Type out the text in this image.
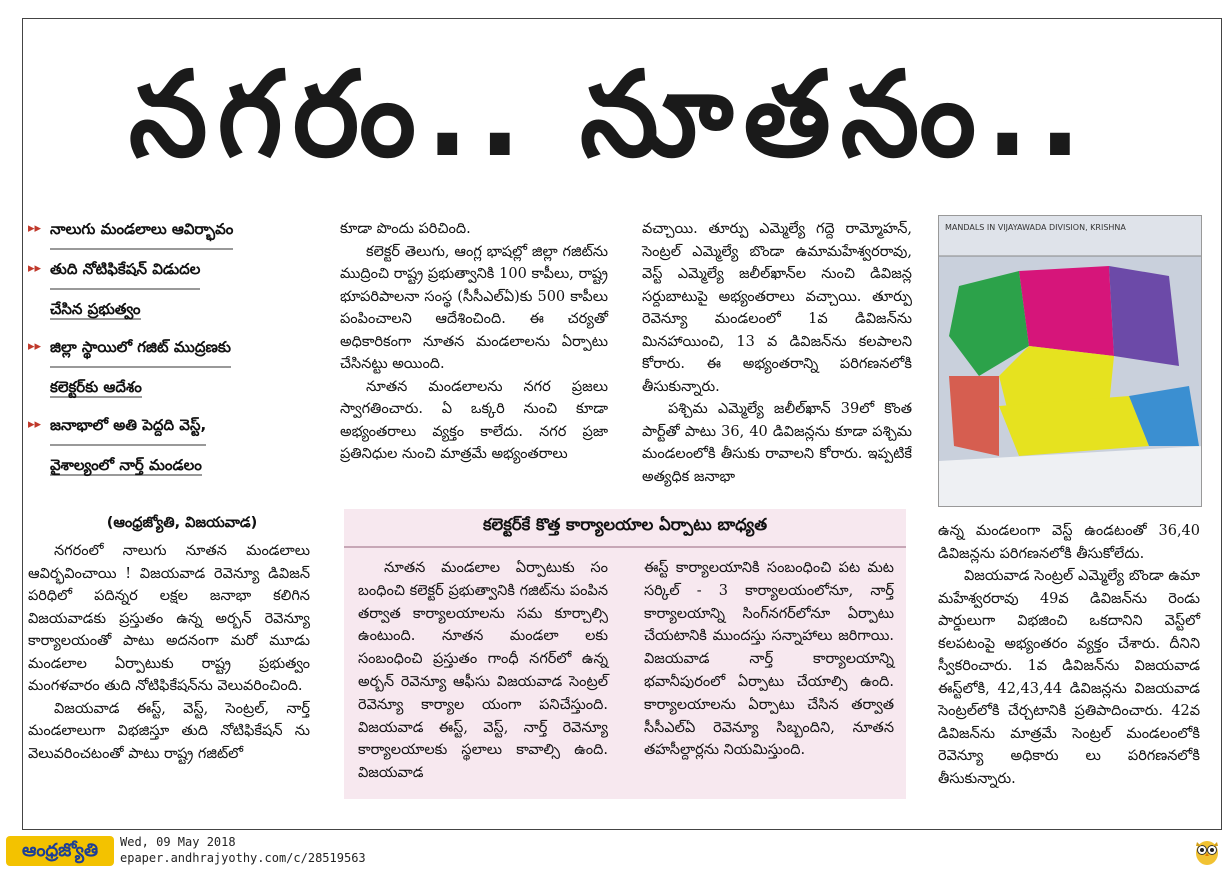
నగరం.. నూతనం..
▸▸ నాలుగు మండలాలు ఆవిర్భావం
▸▸ తుది నోటిఫికేషన్‌ విడుదల
చేసిన ప్రభుత్వం
▸▸ జిల్లా స్థాయిలో గజిట్‌ ముద్రణకు
కలెక్టర్‌కు ఆదేశం
▸▸ జనాభాలో అతి పెద్దది వెస్ట్‌,
వైశాల్యంలో నార్త్‌ మండలం
(ఆంధ్రజ్యోతి, విజయవాడ)

నగరంలో నాలుగు నూతన మండలాలు ఆవిర్భవించాయి ! విజయవాడ రెవెన్యూ డివిజన్‌ పరిధిలో పదిన్నర లక్షల జనాభా కలిగిన విజయవాడకు ప్రస్తుతం ఉన్న అర్బన్‌ రెవెన్యూ కార్యాలయంతో పాటు అదనంగా మరో మూడు మండలాల ఏర్పాటుకు రాష్ట్ర ప్రభుత్వం మంగళవారం తుది నోటిఫికేషన్‌ను వెలువరించింది.

విజయవాడ ఈస్ట్‌, వెస్ట్‌, సెంట్రల్‌, నార్త్‌ మండలాలుగా విభజిస్తూ తుది నోటిఫికేషన్‌ ను వెలువరించటంతో పాటు రాష్ట్ర గజిట్‌లో

కూడా పొందు పరిచింది.

కలెక్టర్‌ తెలుగు, ఆంగ్ల భాషల్లో జిల్లా గజిట్‌ను ముద్రించి రాష్ట్ర ప్రభుత్వానికి 100 కాపీలు, రాష్ట్ర భూపరిపాలనా సంస్థ (సీసీఎల్‌ఏ)కు 500 కాపీలు పంపించాలని ఆదేశించింది. ఈ చర్యతో అధికారికంగా నూతన మండలాలను ఏర్పాటు చేసినట్టు అయింది.

నూతన మండలాలను నగర ప్రజలు స్వాగతించారు. ఏ ఒక్కరి నుంచి కూడా అభ్యంతరాలు వ్యక్తం కాలేదు. నగర ప్రజా ప్రతినిధుల నుంచి మాత్రమే అభ్యంతరాలు

వచ్చాయి. తూర్పు ఎమ్మెల్యే గద్దె రామ్మోహన్‌, సెంట్రల్‌ ఎమ్మెల్యే బొండా ఉమామహేశ్వరరావు, వెస్ట్‌ ఎమ్మెల్యే జలీల్‌ఖాన్‌ల నుంచి డివిజన్ల సర్దుబాటుపై అభ్యంతరాలు వచ్చాయి. తూర్పు రెవెన్యూ మండలంలో 1వ డివిజన్‌ను మినహాయించి, 13 వ డివిజన్‌ను కలపాలని కోరారు. ఈ అభ్యంతరాన్ని పరిగణనలోకి తీసుకున్నారు.

పశ్చిమ ఎమ్మెల్యే జలీల్‌ఖాన్‌ 39లో కొంత పార్ట్‌తో పాటు 36, 40 డివిజన్లను కూడా పశ్చిమ మండలంలోకి తీసుకు రావాలని కోరారు. ఇప్పటికే అత్యధిక జనాభా

MANDALS IN VIJAYAWADA DIVISION, KRISHNA
కలెక్టర్‌కే కొత్త కార్యాలయాల ఏర్పాటు బాధ్యత

నూతన మండలాల ఏర్పాటుకు సం బంధించి కలెక్టర్‌ ప్రభుత్వానికి గజిట్‌ను పంపిన తర్వాత కార్యాలయాలను సమ కూర్చాల్సి ఉంటుంది. నూతన మండలా లకు సంబంధించి ప్రస్తుతం గాంధీ నగర్‌లో ఉన్న అర్బన్‌ రెవెన్యూ ఆఫీసు విజయవాడ సెంట్రల్‌ రెవెన్యూ కార్యాల యంగా పనిచేస్తుంది. విజయవాడ ఈస్ట్‌, వెస్ట్‌, నార్త్‌ రెవెన్యూ కార్యాలయాలకు స్థలాలు కావాల్సి ఉంది. విజయవాడ

ఈస్ట్‌ కార్యాలయానికి సంబంధించి పట మట సర్కిల్‌ - 3 కార్యాలయంలోనూ, నార్త్‌ కార్యాలయాన్ని సింగ్‌నగర్‌లోనూ ఏర్పాటు చేయటానికి ముందస్తు సన్నాహాలు జరిగాయి. విజయవాడ నార్త్‌ కార్యాలయాన్ని భవానీపురంలో ఏర్పాటు చేయాల్సి ఉంది. కార్యాలయాలను ఏర్పాటు చేసిన తర్వాత సీసీఎల్‌ఏ రెవెన్యూ సిబ్బందిని, నూతన తహసీల్దార్లను నియమిస్తుంది.

ఉన్న మండలంగా వెస్ట్‌ ఉండటంతో 36,40 డివిజన్లను పరిగణనలోకి తీసుకోలేదు.

విజయవాడ సెంట్రల్‌ ఎమ్మెల్యే బొండా ఉమా మహేశ్వరరావు 49వ డివిజన్‌ను రెండు పార్డులుగా విభజించి ఒకదానిని వెస్ట్‌లో కలపటంపై అభ్యంతరం వ్యక్తం చేశారు. దీనిని స్వీకరించారు. 1వ డివిజన్‌ను విజయవాడ ఈస్ట్‌లోకి, 42,43,44 డివిజన్లను విజయవాడ సెంట్రల్‌లోకి చేర్చటానికి ప్రతిపాదించారు. 42వ డివిజన్‌ను మాత్రమే సెంట్రల్‌ మండలంలోకి రెవెన్యూ అధికారు లు పరిగణనలోకి తీసుకున్నారు.

ఆంధ్రజ్యోతి	Wed, 09 May 2018
epaper.andhrajyothy.com/c/28519563
